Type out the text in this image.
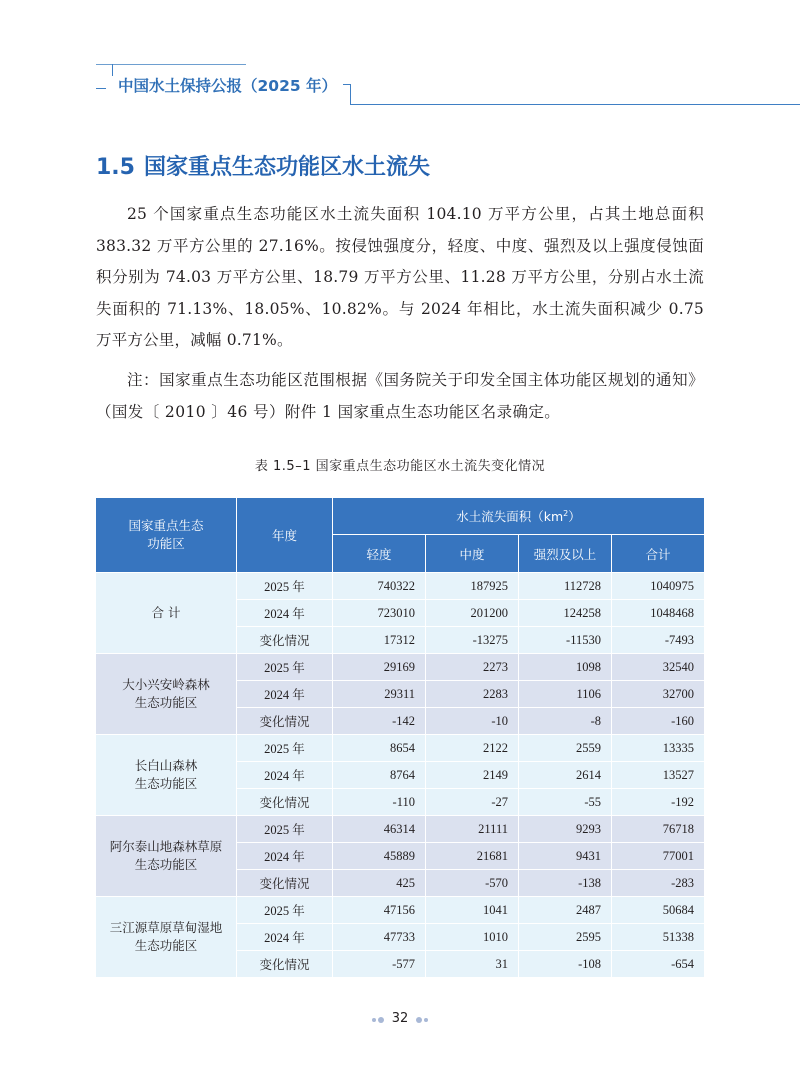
中国水土保持公报（2025 年）
1.5 国家重点生态功能区水土流失

25 个国家重点生态功能区水土流失面积 104.10 万平方公里，占其土地总面积 383.32 万平方公里的 27.16%。按侵蚀强度分，轻度、中度、强烈及以上强度侵蚀面积分别为 74.03 万平方公里、18.79 万平方公里、11.28 万平方公里，分别占水土流失面积的 71.13%、18.05%、10.82%。与 2024 年相比，水土流失面积减少 0.75 万平方公里，减幅 0.71%。

注：国家重点生态功能区范围根据《国务院关于印发全国主体功能区规划的通知》（国发〔 2010 〕46 号）附件 1 国家重点生态功能区名录确定。

表 1.5–1 国家重点生态功能区水土流失变化情况
国家重点生态
功能区	年度	水土流失面积$(km^2)$			
		轻度	中度	强烈及以上	合计
合 计	2025 年	740322	187925	112728	1040975
	2024 年	723010	201200	124258	1048468
	变化情况	17312	-13275	-11530	-7493
大小兴安岭森林
生态功能区	2025 年	29169	2273	1098	32540
	2024 年	29311	2283	1106	32700
	变化情况	-142	-10	-8	-160
长白山森林
生态功能区	2025 年	8654	2122	2559	13335
	2024 年	8764	2149	2614	13527
	变化情况	-110	-27	-55	-192
阿尔泰山地森林草原
生态功能区	2025 年	46314	21111	9293	76718
	2024 年	45889	21681	9431	77001
	变化情况	425	-570	-138	-283
三江源草原草甸湿地
生态功能区	2025 年	47156	1041	2487	50684
	2024 年	47733	1010	2595	51338
	变化情况	-577	31	-108	-654
32
